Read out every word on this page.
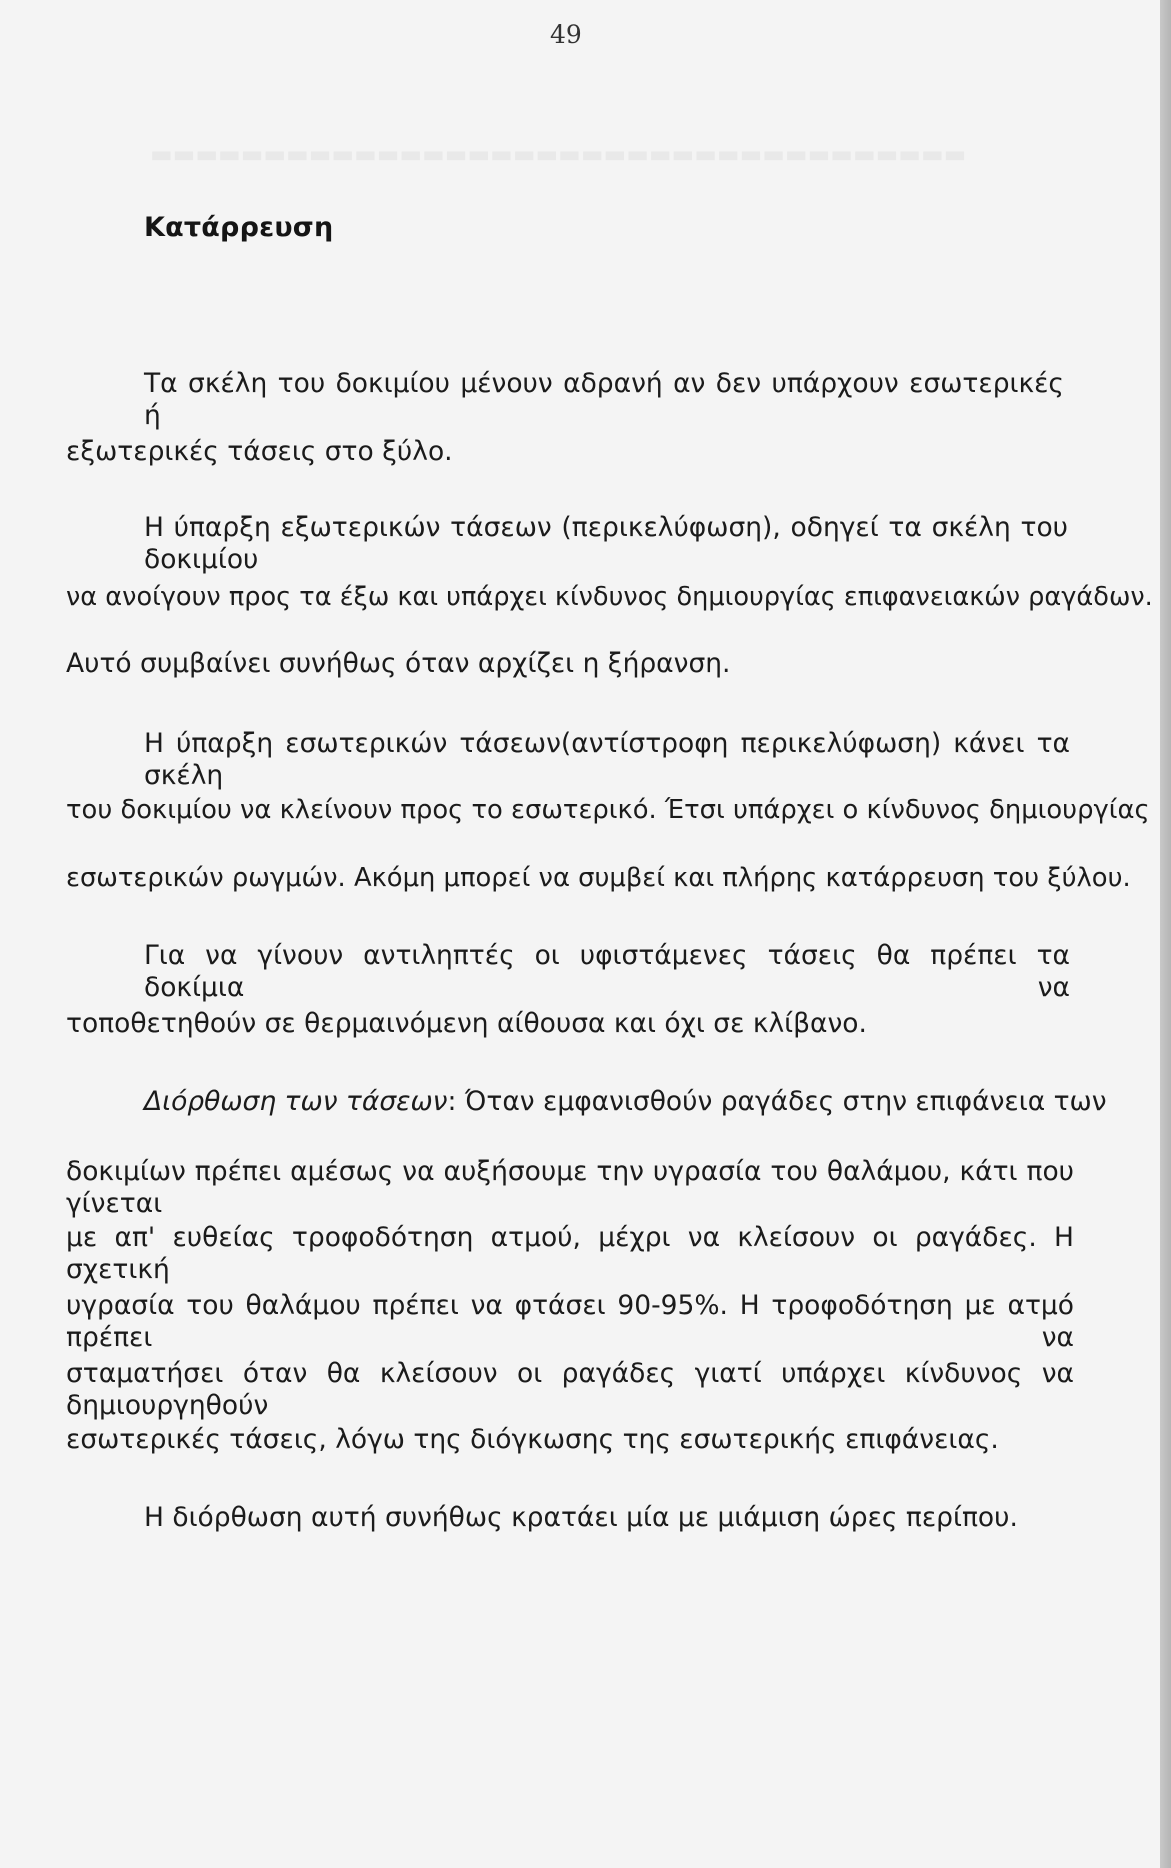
▬▬▬▬▬▬▬▬▬▬▬▬▬▬▬▬▬▬▬▬▬▬▬▬▬▬▬▬▬▬▬▬▬▬▬▬
49
Κατάρρευση
Τα σκέλη του δοκιμίου μένουν αδρανή αν δεν υπάρχουν εσωτερικές ή
εξωτερικές τάσεις στο ξύλο.
Η ύπαρξη εξωτερικών τάσεων (περικελύφωση), οδηγεί τα σκέλη του δοκιμίου
να ανοίγουν προς τα έξω και υπάρχει κίνδυνος δημιουργίας επιφανειακών ραγάδων.
Αυτό συμβαίνει συνήθως όταν αρχίζει η ξήρανση.
Η ύπαρξη εσωτερικών τάσεων(αντίστροφη περικελύφωση) κάνει τα σκέλη
του δοκιμίου να κλείνουν προς το εσωτερικό. Έτσι υπάρχει ο κίνδυνος δημιουργίας
εσωτερικών ρωγμών. Ακόμη μπορεί να συμβεί και πλήρης κατάρρευση του ξύλου.
Για να γίνουν αντιληπτές οι υφιστάμενες τάσεις θα πρέπει τα δοκίμια να
τοποθετηθούν σε θερμαινόμενη αίθουσα και όχι σε κλίβανο.
Διόρθωση των τάσεων: Όταν εμφανισθούν ραγάδες στην επιφάνεια των
δοκιμίων πρέπει αμέσως να αυξήσουμε την υγρασία του θαλάμου, κάτι που γίνεται
με απ' ευθείας τροφοδότηση ατμού, μέχρι να κλείσουν οι ραγάδες. Η σχετική
υγρασία του θαλάμου πρέπει να φτάσει 90-95%. Η τροφοδότηση με ατμό πρέπει να
σταματήσει όταν θα κλείσουν οι ραγάδες γιατί υπάρχει κίνδυνος να δημιουργηθούν
εσωτερικές τάσεις, λόγω της διόγκωσης της εσωτερικής επιφάνειας.
Η διόρθωση αυτή συνήθως κρατάει μία με μιάμιση ώρες περίπου.
